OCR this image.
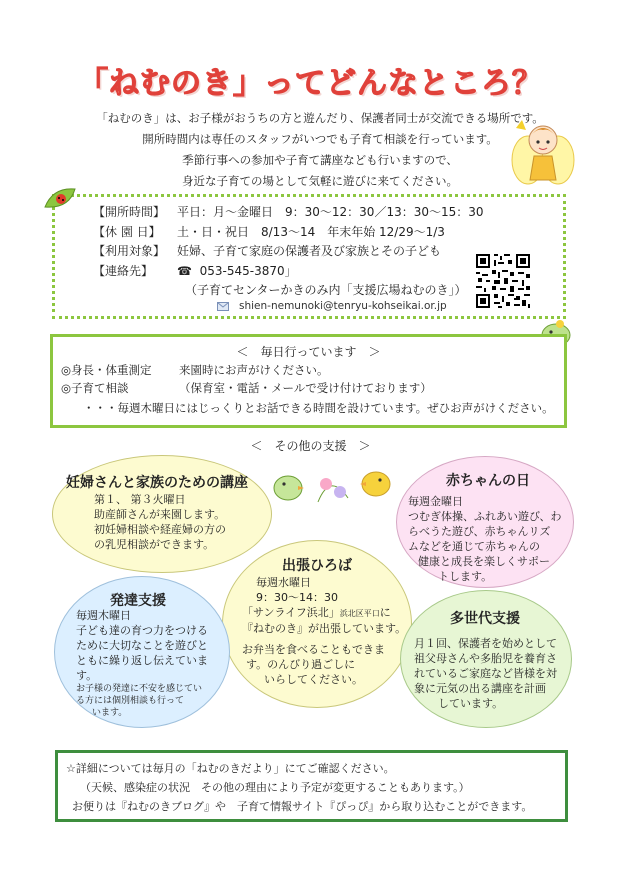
「ねむのき」ってどんなところ？

「ねむのき」は、お子様がおうちの方と遊んだり、保護者同士が交流できる場所です。

開所時間内は専任のスタッフがいつでも子育て相談を行っています。

季節行事への参加や子育て講座なども行いますので、

身近な子育ての場として気軽に遊びに来てください。

【開所時間】 平日：月～金曜日　9：30～12：30／13：30～15：30
【休 園 日】 土・日・祝日　8/13～14　年末年始 12/29～1/3
【利用対象】 妊婦、子育て家庭の保護者及び家族とその子ども
【連絡先】 ☎ 053-545-3870」
（子育てセンターかきのみ内「支援広場ねむのき」）
shien-nemunoki@tenryu-kohseikai.or.jp
＜　毎日行っています　＞
◎身長・体重測定 来園時にお声がけください。
◎子育て相談	（保育室・電話・メールで受け付けております）
・・・毎週木曜日にはじっくりとお話できる時間を設けています。ぜひお声がけください。
＜　その他の支援　＞
妊婦さんと家族のための講座

第１、 第３火曜日

助産師さんが来園します。

初妊婦相談や経産婦の方の

の乳児相談ができます。

赤ちゃんの日

毎週金曜日

つむぎ体操、ふれあい遊び、わ

らべうた遊び、赤ちゃんリズ

ムなどを通じて赤ちゃんの

健康と成長を楽しくサポー

トします。

出張ひろば

毎週水曜日

9：30～14：30

「サンライフ浜北」浜北区平口に

『ねむのき』が出張しています。

お弁当を食べることもできま

す。のんびり過ごしに

いらしてください。

発達支援

毎週木曜日

子ども達の育つ力をつける

ために大切なことを遊びと

ともに繰り返し伝えていま

す。

お子様の発達に不安を感じてい

る方には個別相談も行って

います。

多世代支援

月１回、保護者を始めとして

祖父母さんや多胎児を養育さ

れているご家庭など皆様を対

象に元気の出る講座を計画

しています。

☆詳細については毎月の「ねむのきだより」にてご確認ください。
（天候、感染症の状況　その他の理由により予定が変更することもあります。）
お便りは『ねむのきブログ』や　子育て情報サイト『ぴっぴ』から取り込むことができます。
